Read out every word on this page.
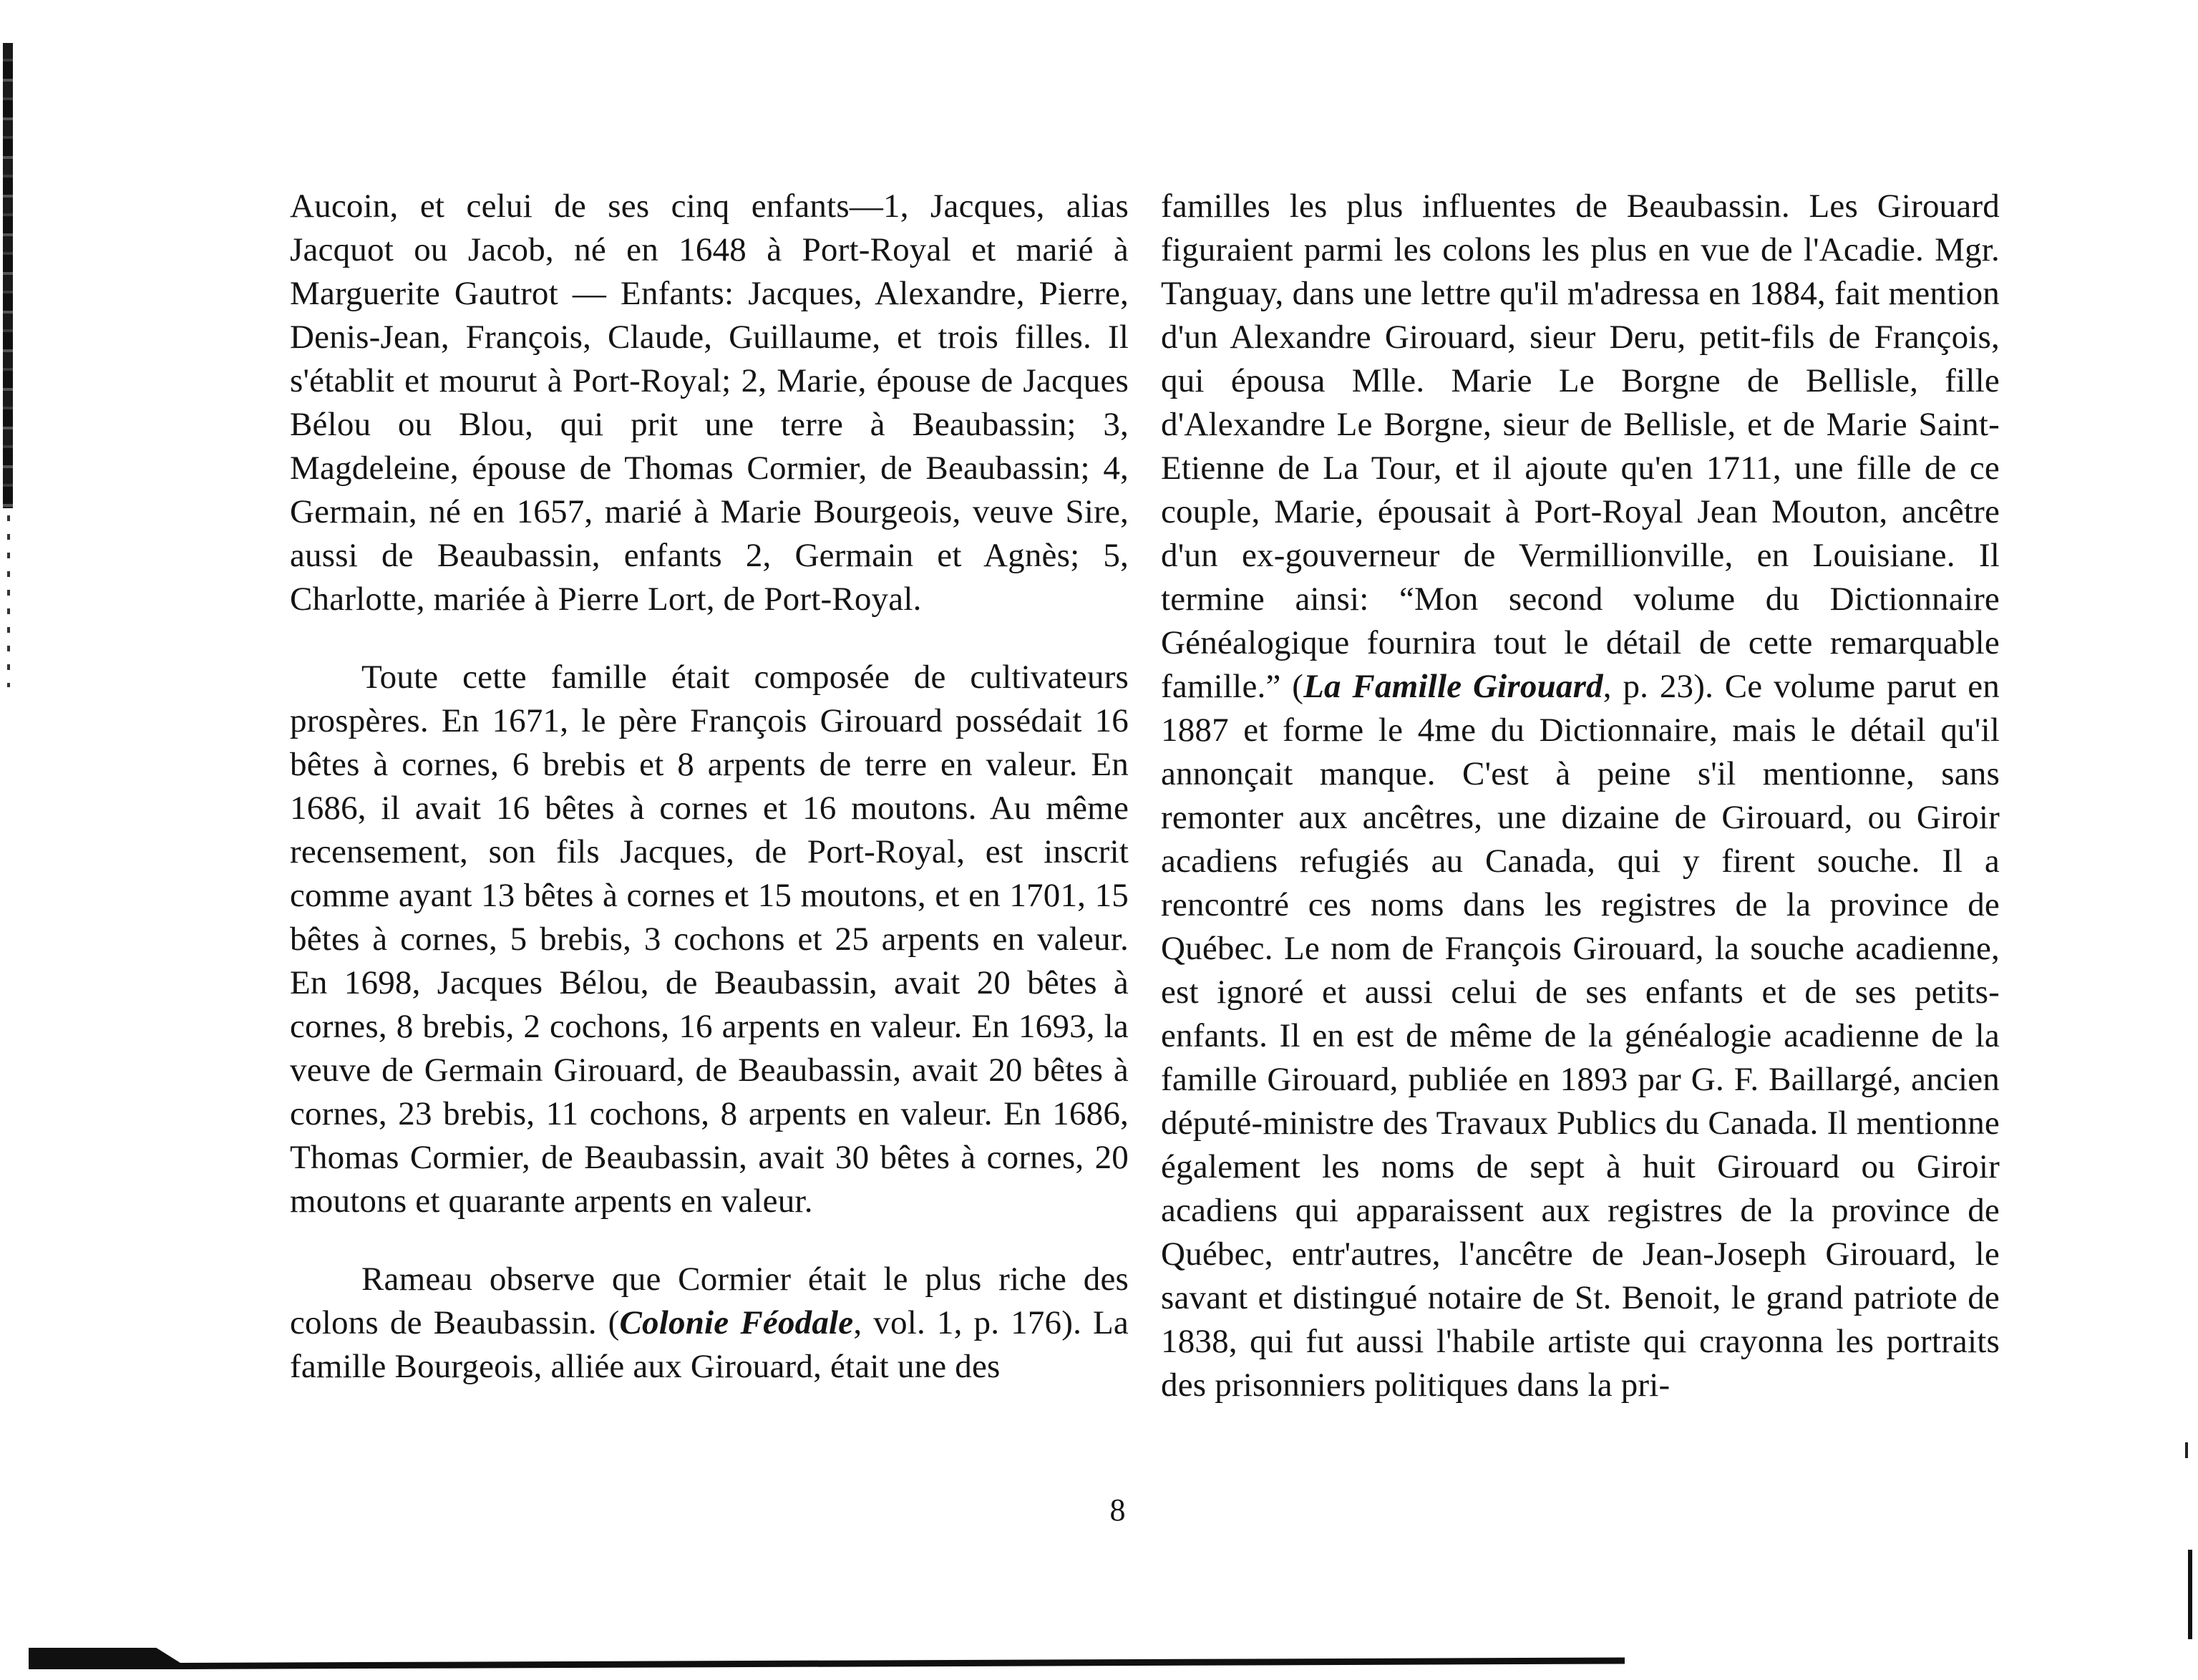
Aucoin, et celui de ses cinq enfants—1, Jacques, alias Jacquot ou Jacob, né en 1648 à Port-Royal et marié à Marguerite Gautrot — Enfants: Jacques, Alexandre, Pierre, Denis-Jean, François, Claude, Guillaume, et trois filles. Il s'établit et mourut à Port-Royal; 2, Marie, épouse de Jacques Bélou ou Blou, qui prit une terre à Beaubassin; 3, Magdeleine, épouse de Thomas Cormier, de Beaubassin; 4, Germain, né en 1657, marié à Marie Bourgeois, veuve Sire, aussi de Beaubassin, enfants 2, Germain et Agnès; 5, Charlotte, mariée à Pierre Lort, de Port-Royal.

Toute cette famille était composée de cultivateurs prospères. En 1671, le père François Girouard possédait 16 bêtes à cornes, 6 brebis et 8 arpents de terre en valeur. En 1686, il avait 16 bêtes à cornes et 16 moutons. Au même recensement, son fils Jacques, de Port-Royal, est inscrit comme ayant 13 bêtes à cornes et 15 moutons, et en 1701, 15 bêtes à cornes, 5 brebis, 3 cochons et 25 arpents en valeur. En 1698, Jacques Bélou, de Beaubassin, avait 20 bêtes à cornes, 8 brebis, 2 cochons, 16 arpents en valeur. En 1693, la veuve de Germain Girouard, de Beaubassin, avait 20 bêtes à cornes, 23 brebis, 11 cochons, 8 arpents en valeur. En 1686, Thomas Cormier, de Beaubassin, avait 30 bêtes à cornes, 20 moutons et quarante arpents en valeur.

Rameau observe que Cormier était le plus riche des colons de Beaubassin. (Colonie Féodale, vol. 1, p. 176). La famille Bourgeois, alliée aux Girouard, était une des

familles les plus influentes de Beaubassin. Les Girouard figuraient parmi les colons les plus en vue de l'Acadie. Mgr. Tanguay, dans une lettre qu'il m'adressa en 1884, fait mention d'un Alexandre Girouard, sieur Deru, petit-fils de François, qui épousa Mlle. Marie Le Borgne de Bellisle, fille d'Alexandre Le Borgne, sieur de Bellisle, et de Marie Saint-Etienne de La Tour, et il ajoute qu'en 1711, une fille de ce couple, Marie, épousait à Port-Royal Jean Mouton, ancêtre d'un ex-gouverneur de Vermillionville, en Louisiane. Il termine ainsi: “Mon second volume du Dictionnaire Généalogique fournira tout le détail de cette remarquable famille.” (La Famille Girouard, p. 23). Ce volume parut en 1887 et forme le 4me du Dictionnaire, mais le détail qu'il annonçait manque. C'est à peine s'il mentionne, sans remonter aux ancêtres, une dizaine de Girouard, ou Giroir acadiens refugiés au Canada, qui y firent souche. Il a rencontré ces noms dans les registres de la province de Québec. Le nom de François Girouard, la souche acadienne, est ignoré et aussi celui de ses enfants et de ses petits-enfants. Il en est de même de la généalogie acadienne de la famille Girouard, publiée en 1893 par G. F. Baillargé, ancien député-ministre des Travaux Publics du Canada. Il mentionne également les noms de sept à huit Girouard ou Giroir acadiens qui apparaissent aux registres de la province de Québec, entr'autres, l'ancêtre de Jean-Joseph Girouard, le savant et distingué notaire de St. Benoit, le grand patriote de 1838, qui fut aussi l'habile artiste qui crayonna les portraits des prisonniers politiques dans la pri-

8
